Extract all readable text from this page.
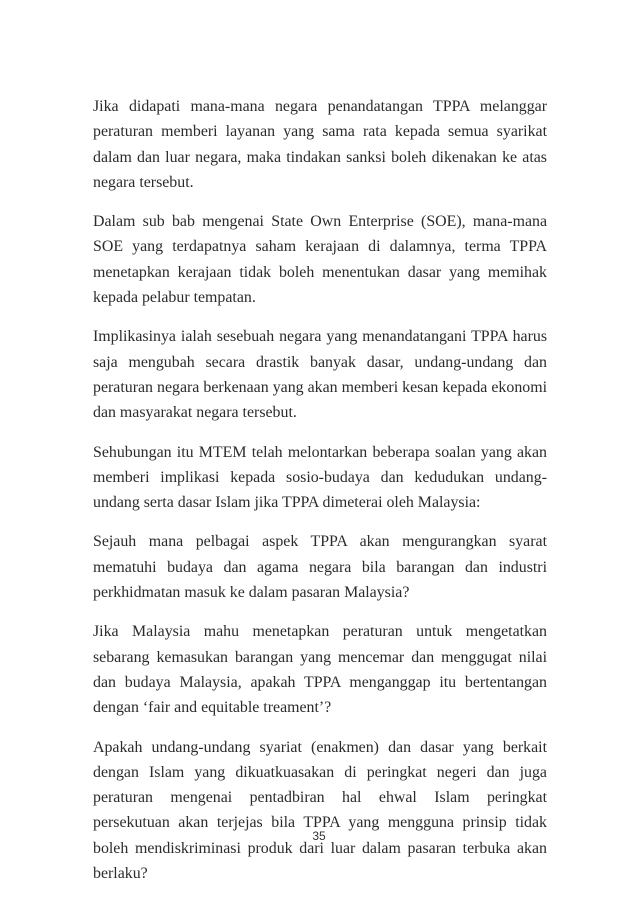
Jika didapati mana-mana negara penandatangan TPPA melanggar peraturan memberi layanan yang sama rata kepada semua syarikat dalam dan luar negara, maka tindakan sanksi boleh dikenakan ke atas negara tersebut.

Dalam sub bab mengenai State Own Enterprise (SOE), mana-mana SOE yang terdapatnya saham kerajaan di dalamnya, terma TPPA menetapkan kerajaan tidak boleh menentukan dasar yang memihak kepada pelabur tempatan.

Implikasinya ialah sesebuah negara yang menandatangani TPPA harus saja mengubah secara drastik banyak dasar, undang-undang dan peraturan negara berkenaan yang akan memberi kesan kepada ekonomi dan masyarakat negara tersebut.

Sehubungan itu MTEM telah melontarkan beberapa soalan yang akan memberi implikasi kepada sosio-budaya dan kedudukan undang-undang serta dasar Islam jika TPPA dimeterai oleh Malaysia:

Sejauh mana pelbagai aspek TPPA akan mengurangkan syarat mematuhi budaya dan agama negara bila barangan dan industri perkhidmatan masuk ke dalam pasaran Malaysia?

Jika Malaysia mahu menetapkan peraturan untuk mengetatkan sebarang kemasukan barangan yang mencemar dan menggugat nilai dan budaya Malaysia, apakah TPPA menganggap itu bertentangan dengan ‘fair and equitable treament’?

Apakah undang-undang syariat (enakmen) dan dasar yang berkait dengan Islam yang dikuatkuasakan di peringkat negeri dan juga peraturan mengenai pentadbiran hal ehwal Islam peringkat persekutuan akan terjejas bila TPPA yang mengguna prinsip tidak boleh mendiskriminasi produk dari luar dalam pasaran terbuka akan berlaku?

35
